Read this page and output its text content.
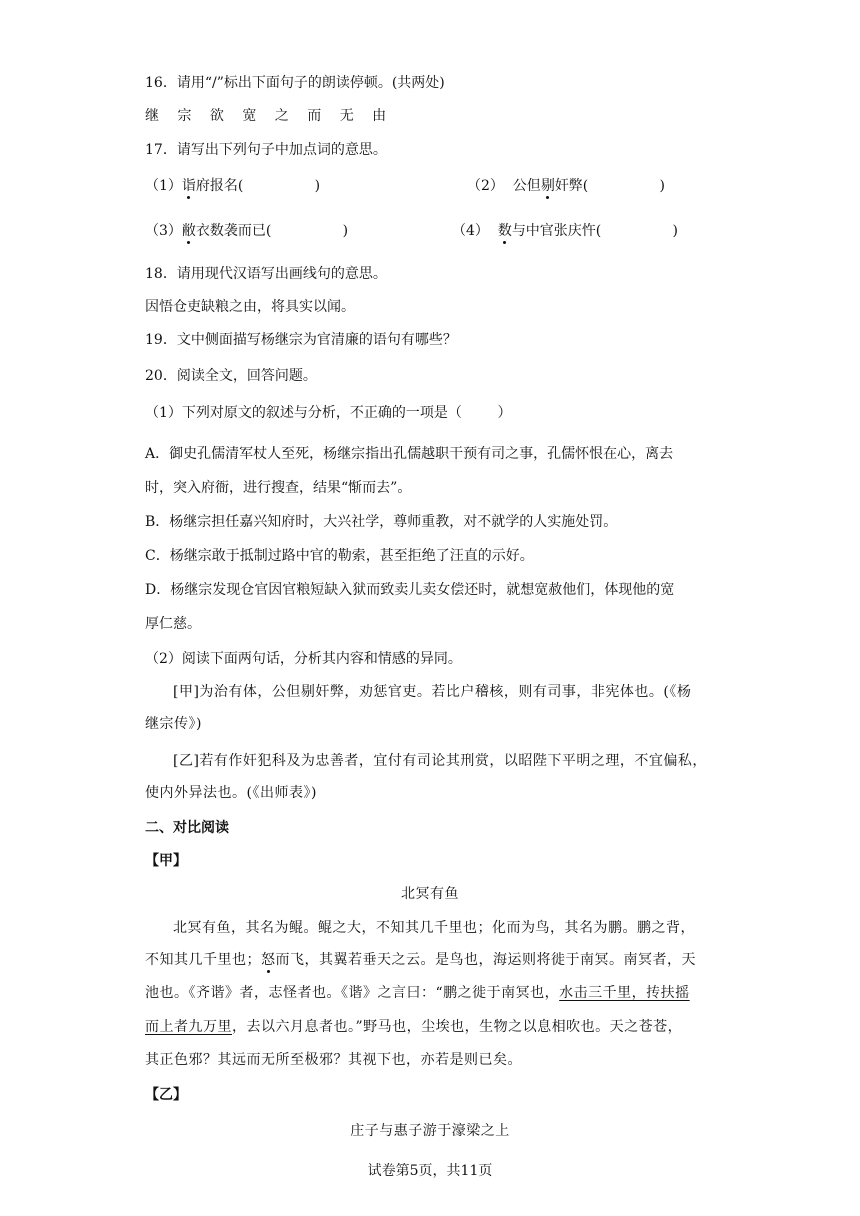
16．请用“/”标出下面句子的朗读停顿。(共两处)
继 宗 欲 宽 之 而 无 由
17．请写出下列句子中加点词的意思。
（1）诣府报名(                )	（2）  公但剔奸弊(                )
（3）敝衣数袭而已(                )	（4）  数与中官张庆忤(                )
18．请用现代汉语写出画线句的意思。
因悟仓吏缺粮之由，将具实以闻。
19．文中侧面描写杨继宗为官清廉的语句有哪些？
20．阅读全文，回答问题。
（1）下列对原文的叙述与分析，不正确的一项是（        ）
A．御史孔儒清军杖人至死，杨继宗指出孔儒越职干预有司之事，孔儒怀恨在心，离去
时，突入府衙，进行搜查，结果“惭而去”。
B．杨继宗担任嘉兴知府时，大兴社学，尊师重教，对不就学的人实施处罚。
C．杨继宗敢于抵制过路中官的勒索，甚至拒绝了汪直的示好。
D．杨继宗发现仓官因官粮短缺入狱而致卖儿卖女偿还时，就想宽赦他们，体现他的宽
厚仁慈。
（2）阅读下面两句话，分析其内容和情感的异同。
[甲]为治有体，公但剔奸弊，劝惩官吏。若比户稽核，则有司事，非宪体也。(《杨
继宗传》)
[乙]若有作奸犯科及为忠善者，宜付有司论其刑赏，以昭陛下平明之理，不宜偏私，
使内外异法也。(《出师表》)
二、对比阅读
【甲】
北冥有鱼
北冥有鱼，其名为鲲。鲲之大，不知其几千里也；化而为鸟，其名为鹏。鹏之背，
不知其几千里也；怒而飞，其翼若垂天之云。是鸟也，海运则将徙于南冥。南冥者，天
池也。《齐谐》者，志怪者也。《谐》之言曰：“鹏之徙于南冥也，水击三千里，抟扶摇
而上者九万里，去以六月息者也。”野马也，尘埃也，生物之以息相吹也。天之苍苍，
其正色邪？其远而无所至极邪？其视下也，亦若是则已矣。
【乙】
庄子与惠子游于濠梁之上
试卷第5页，共11页
